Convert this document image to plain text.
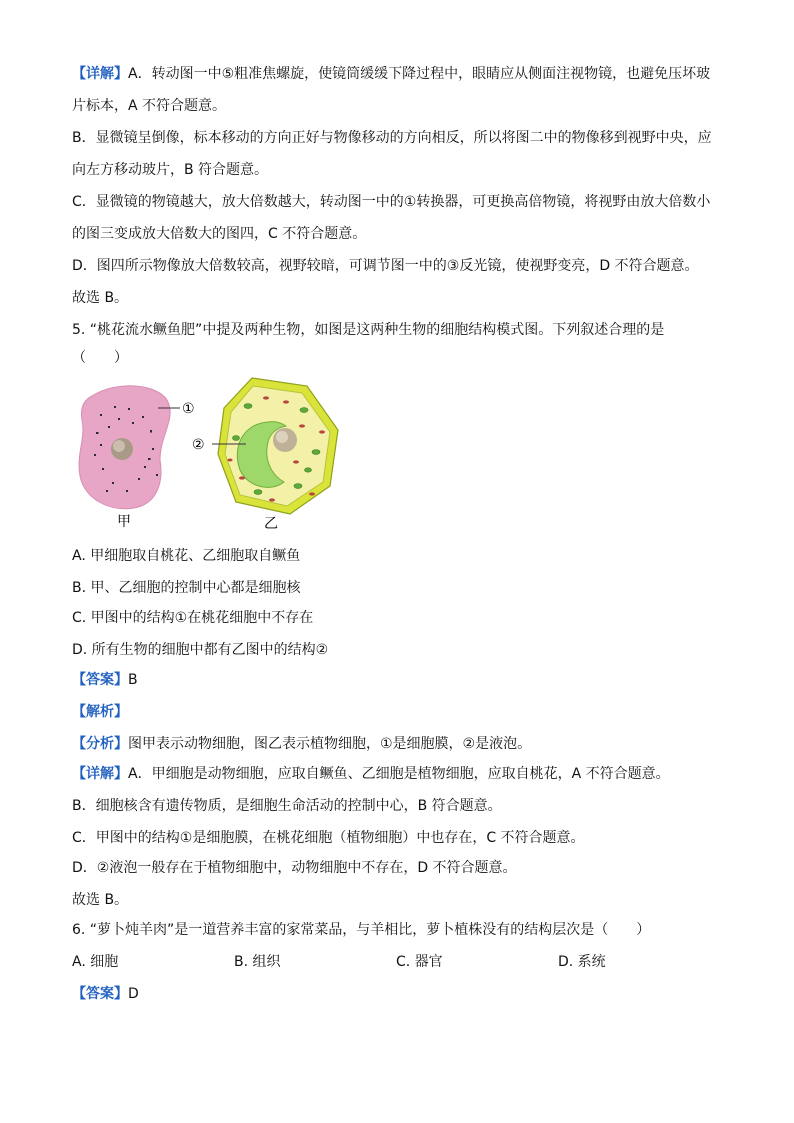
【详解】A．转动图一中⑤粗准焦螺旋，使镜筒缓缓下降过程中，眼睛应从侧面注视物镜，也避免压坏玻
片标本，A 不符合题意。
B．显微镜呈倒像，标本移动的方向正好与物像移动的方向相反，所以将图二中的物像移到视野中央，应
向左方移动玻片，B 符合题意。
C．显微镜的物镜越大，放大倍数越大，转动图一中的①转换器，可更换高倍物镜，将视野由放大倍数小
的图三变成放大倍数大的图四，C 不符合题意。
D．图四所示物像放大倍数较高，视野较暗，可调节图一中的③反光镜，使视野变亮，D 不符合题意。
故选 B。
5. “桃花流水鳜鱼肥”中提及两种生物，如图是这两种生物的细胞结构模式图。下列叙述合理的是
（　　）
①
②
甲	乙
A. 甲细胞取自桃花、乙细胞取自鳜鱼
B. 甲、乙细胞的控制中心都是细胞核
C. 甲图中的结构①在桃花细胞中不存在
D. 所有生物的细胞中都有乙图中的结构②
【答案】B
【解析】
【分析】图甲表示动物细胞，图乙表示植物细胞，①是细胞膜，②是液泡。
【详解】A．甲细胞是动物细胞，应取自鳜鱼、乙细胞是植物细胞，应取自桃花，A 不符合题意。
B．细胞核含有遗传物质，是细胞生命活动的控制中心，B 符合题意。
C．甲图中的结构①是细胞膜，在桃花细胞（植物细胞）中也存在，C 不符合题意。
D．②液泡一般存在于植物细胞中，动物细胞中不存在，D 不符合题意。
故选 B。
6. “萝卜炖羊肉”是一道营养丰富的家常菜品，与羊相比，萝卜植株没有的结构层次是（　　）
A. 细胞	B. 组织	C. 器官	D. 系统
【答案】D
